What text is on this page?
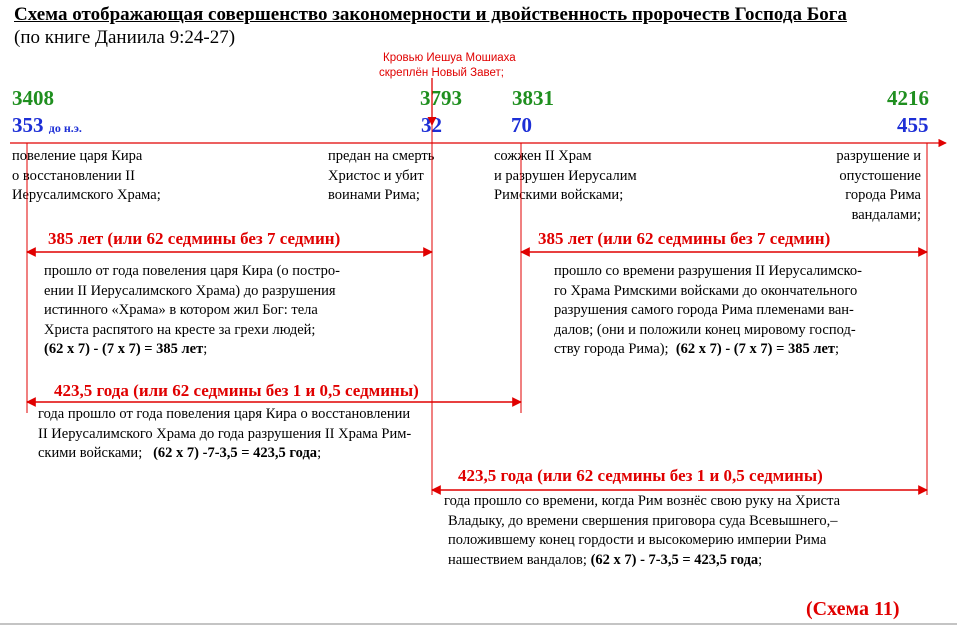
Схема отображающая совершенство закономерности и двойственность пророчеств Господа Бога
(по книге Даниила 9:24-27)
Кровью Иешуа Мошиаха
скреплён Новый Завет;
3408	3793 3831	4216
353 до н.э.	32	70	455
повеление царя Кира
о восстановлении II
Иерусалимского Храма;
предан на смерть
Христос и убит
воинами Рима;
сожжен II Храм
и разрушен Иерусалим
Римскими войсками;
разрушение и
опустошение
города Рима
вандалами;
385 лет (или 62 седмины без 7 седмин)	385 лет (или 62 седмины без 7 седмин)
423,5 года (или 62 седмины без 1 и 0,5 седмины)
423,5 года (или 62 седмины без 1 и 0,5 седмины)
прошло от года повеления царя Кира (о постро-
ении II Иерусалимского Храма) до разрушения
истинного «Храма» в котором жил Бог: тела
Христа распятого на кресте за грехи людей;
(62 х 7) - (7 х 7) = 385 лет;
прошло со времени разрушения II Иерусалимско-
го Храма Римскими войсками до окончательного
разрушения самого города Рима племенами ван-
далов; (они и положили конец мировому господ-
ству города Рима);  (62 х 7) - (7 х 7) = 385 лет;
года прошло от года повеления царя Кира о восстановлении
II Иерусалимского Храма до года разрушения II Храма Рим-
скими войсками;   (62 х 7) -7-3,5 = 423,5 года;
года прошло со времени, когда Рим вознёс свою руку на Христа
Владыку, до времени свершения приговора суда Всевышнего,–
положившему конец гордости и высокомерию империи Рима
нашествием вандалов; (62 х 7) - 7-3,5 = 423,5 года;
(Схема 11)
